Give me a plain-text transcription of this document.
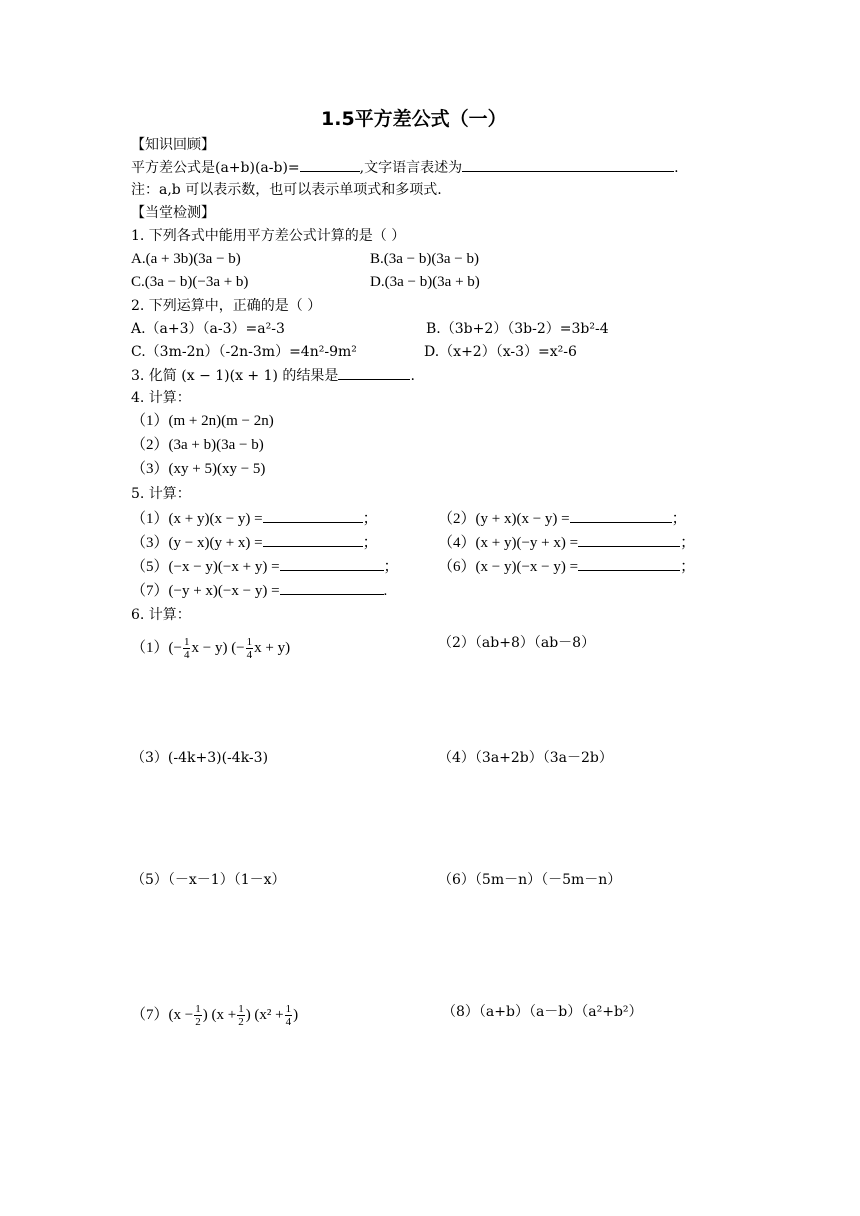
1.5平方差公式（一）
【知识回顾】
平方差公式是(a+b)(a-b)=	,文字语言表述为	.
注：a,b 可以表示数，也可以表示单项式和多项式.
【当堂检测】
1. 下列各式中能用平方差公式计算的是（ ）
A.(a + 3b)(3a − b)	B.(3a − b)(3a − b)
C.(3a − b)(−3a + b)	D.(3a − b)(3a + b)
2. 下列运算中，正确的是（ ）
A.（a+3）（a-3）=a²-3	B.（3b+2）（3b-2）=3b²-4
C.（3m-2n）（-2n-3m）=4n²-9m²	D.（x+2）（x-3）=x²-6
3. 化简 (x − 1)(x + 1) 的结果是	.
4. 计算：
（1）(m + 2n)(m − 2n)
（2）(3a + b)(3a − b)
（3）(xy + 5)(xy − 5)
5. 计算：
（1）(x + y)(x − y) =	；	（2）(y + x)(x − y) =	；
（3）(y − x)(y + x) =	；	（4）(x + y)(−y + x) =	；
（5）(−x − y)(−x + y) =	；	（6）(x − y)(−x − y) =	；
（7）(−y + x)(−x − y) =	.
6. 计算：
$(1)(- \frac{1}{4}$ x − y) (− $\frac{1}{4}$ x + y)	（2）（ab+8）（ab－8）
（3）(-4k+3)(-4k-3)	（4）（3a+2b）（3a－2b）
（5）（－x－1）（1－x）	（6）（5m－n）（－5m－n）
$(7)(x - \frac{1}{2}$ ) ($x + \frac{1}{2}$ ) ($x^2 + \frac{1}{4}$ )	（8）（a+b）（a－b）（a²+b²）
